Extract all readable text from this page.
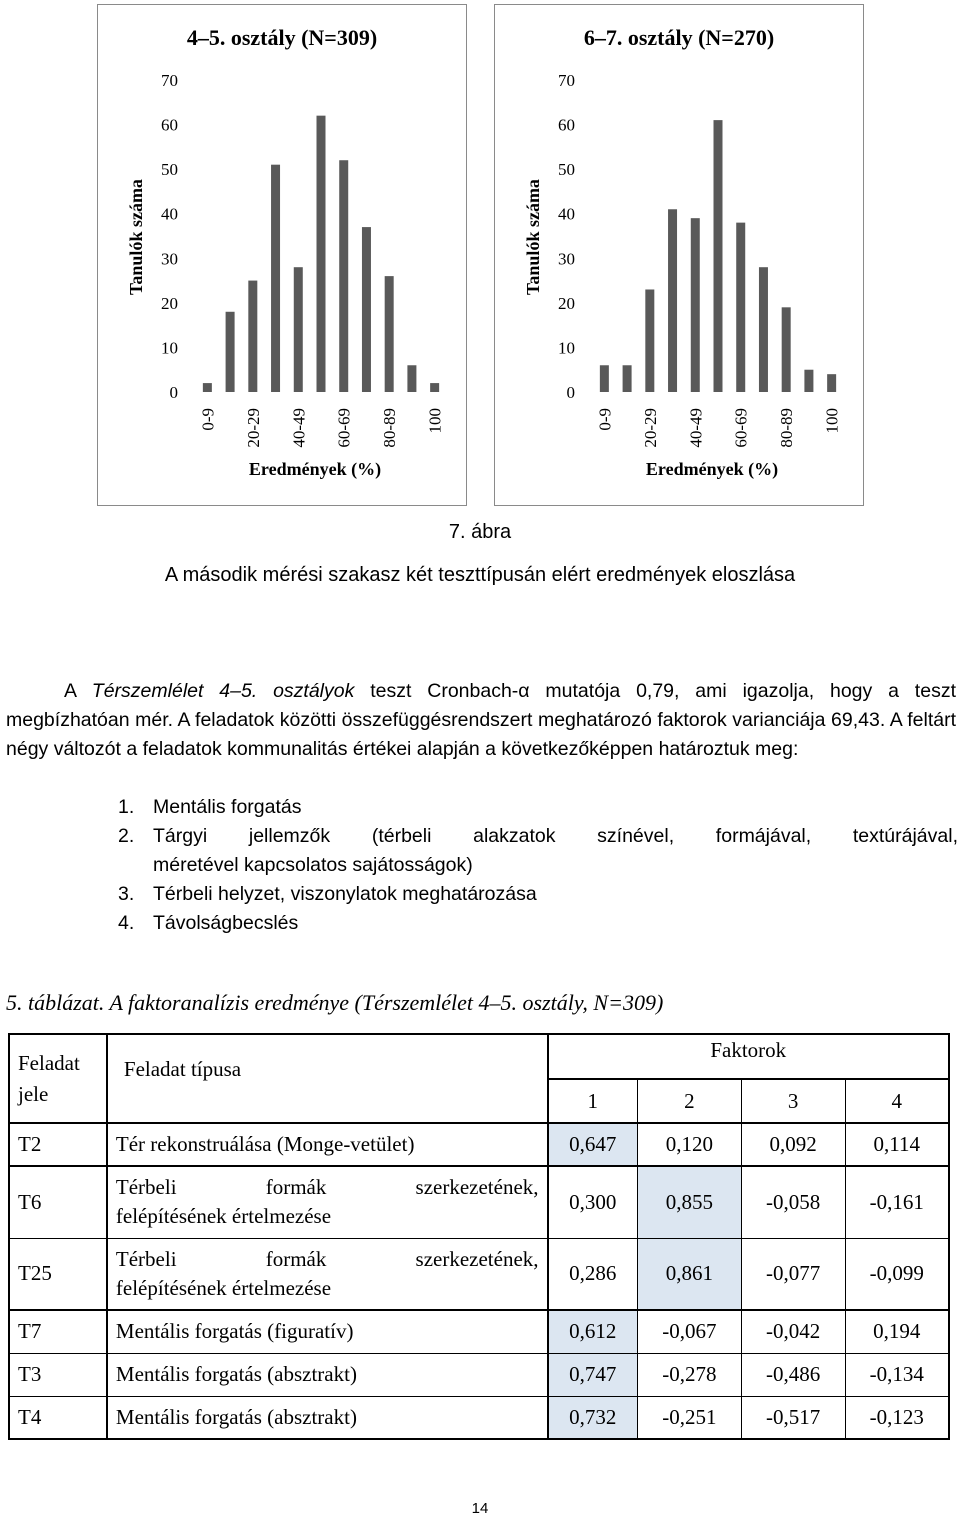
4–5. osztály (N=309)
Tanulók száma
Eredmények (%)
0
10
20
30
40
50
60
70
0-9 20-29 40-49 60-69 80-89 100
6–7. osztály (N=270)
Tanulók száma
Eredmények (%)
0
10
20
30
40
50
60
70
0-9 20-29 40-49 60-69 80-89 100
7. ábra
A második mérési szakasz két teszttípusán elért eredmények eloszlása
A Térszemlélet 4–5. osztályok teszt Cronbach-α mutatója 0,79, ami igazolja, hogy a teszt megbízhatóan mér. A feladatok közötti összefüggésrendszert meghatározó faktorok varianciája 69,43. A feltárt négy változót a feladatok kommunalitás értékei alapján a következőképpen határoztuk meg:
1. Mentális forgatás
2. Tárgyi jellemzők (térbeli alakzatok színével, formájával, textúrájával,
méretével kapcsolatos sajátosságok)
3. Térbeli helyzet, viszonylatok meghatározása
4. Távolságbecslés
5. táblázat. A faktoranalízis eredménye (Térszemlélet 4–5. osztály, N=309)
Feladat
jele	Feladat típusa	Faktorok			
		1	2	3	4
T2	Tér rekonstruálása (Monge-vetület)	0,647	0,120	0,092	0,114
T6	Térbeli formák szerkezetének,
felépítésének értelmezése	0,300	0,855	-0,058	-0,161
T25	Térbeli formák szerkezetének,
felépítésének értelmezése	0,286	0,861	-0,077	-0,099
T7	Mentális forgatás (figuratív)	0,612	-0,067	-0,042	0,194
T3	Mentális forgatás (absztrakt)	0,747	-0,278	-0,486	-0,134
T4	Mentális forgatás (absztrakt)	0,732	-0,251	-0,517	-0,123
14
